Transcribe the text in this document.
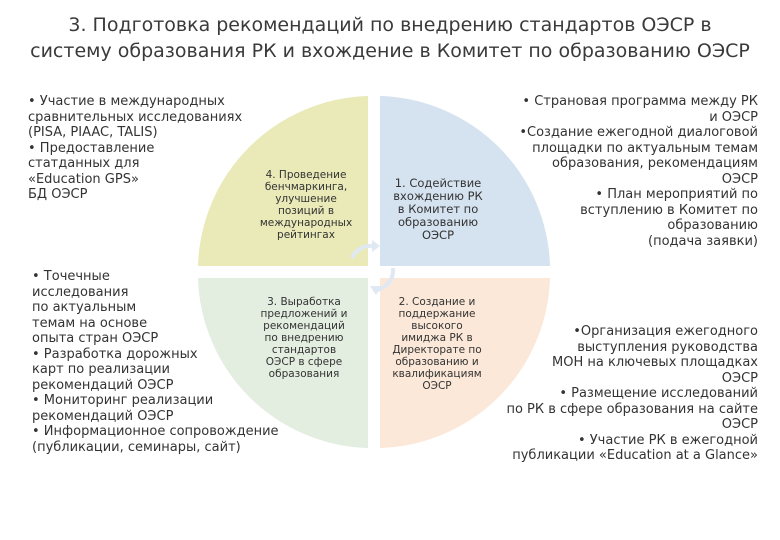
3. Подготовка рекомендаций по внедрению стандартов ОЭСР в
систему образования РК и вхождение в Комитет по образованию ОЭСР
4. Проведение
бенчмаркинга,
улучшение
позиций в
международных
рейтингах
3. Выработка
предложений и
рекомендаций
по внедрению
стандартов
ОЭСР в сфере
образования
2. Создание и
поддержание
высокого
имиджа РК в
Директорате по
образованию и
квалификациям
ОЭСР
1. Содействие
вхождению РК
в Комитет по
образованию
ОЭСР
• Участие в международных
сравнительных исследованиях
(PISA, PIAAC, TALIS)
• Предоставление
статданных для
«Education GPS»
БД ОЭСР
• Точечные
исследования
по актуальным
темам на основе
опыта стран ОЭСР
• Разработка дорожных
карт по реализации
рекомендаций ОЭСР
• Мониторинг реализации
рекомендаций ОЭСР
• Информационное сопровождение
(публикации, семинары, сайт)
• Страновая программа между РК
и ОЭСР
•Создание ежегодной диалоговой
площадки по актуальным темам
образования, рекомендациям
ОЭСР
• План мероприятий по
вступлению в Комитет по
образованию
(подача заявки)
•Организация ежегодного
выступления руководства
МОН на ключевых площадках
ОЭСР
• Размещение исследований
по РК в сфере образования на сайте
ОЭСР
• Участие РК в ежегодной
публикации «Education at a Glance»
